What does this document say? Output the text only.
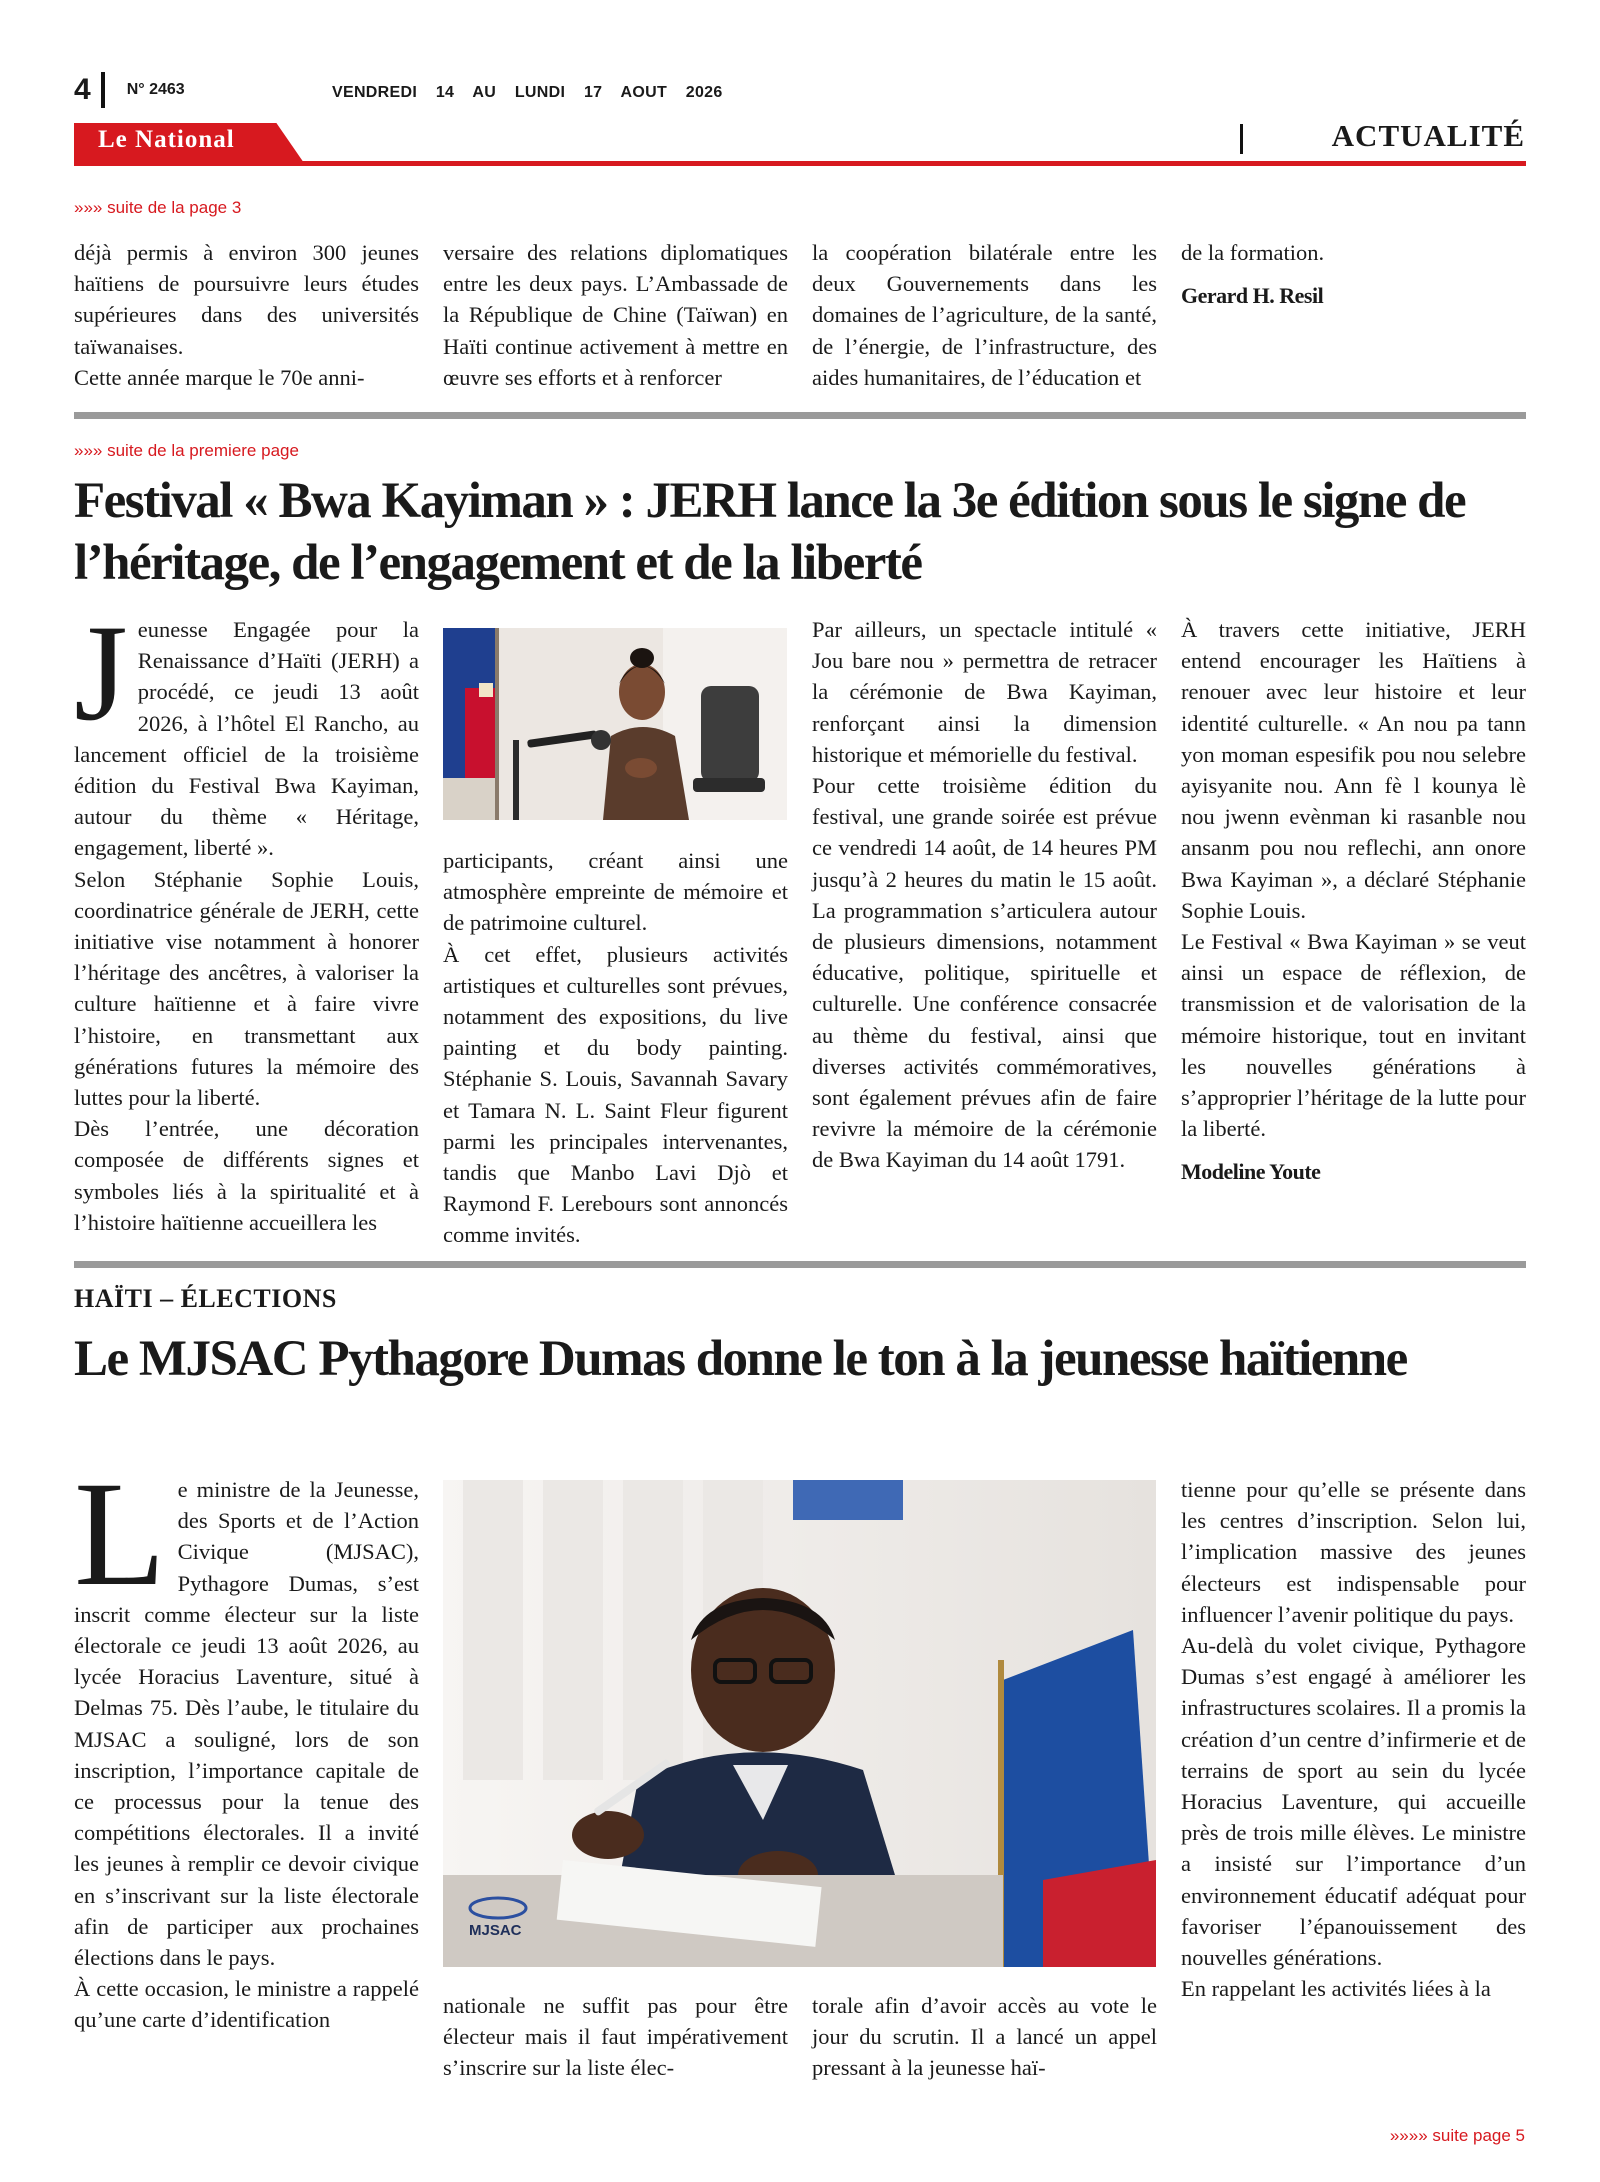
4 N° 2463	VENDREDI 14 AU LUNDI 17 AOUT 2026
Le National	ACTUALITÉ
»»» suite de la page 3
déjà permis à environ 300 jeunes haïtiens de poursuivre leurs études supérieures dans des universités taïwanaises.
Cette année marque le 70e anni-
versaire des relations diplomatiques entre les deux pays. L’Ambassade de la République de Chine (Taïwan) en Haïti continue activement à mettre en œuvre ses efforts et à renforcer
la coopération bilatérale entre les deux Gouvernements dans les domaines de l’agriculture, de la santé, de l’énergie, de l’infrastructure, des aides humanitaires, de l’éducation et

de la formation.

Gerard H. Resil

»»» suite de la premiere page
Festival « Bwa Kayiman » : JERH lance la 3e édition sous le signe de l’héritage, de l’engagement et de la liberté

Jeunesse Engagée pour la Renaissance d’Haïti (JERH) a procédé, ce jeudi 13 août 2026, à l’hôtel El Rancho, au lancement officiel de la troisième édition du Festival Bwa Kayiman, autour du thème « Héritage, engagement, liberté ».

Selon Stéphanie Sophie Louis, coordinatrice générale de JERH, cette initiative vise notamment à honorer l’héritage des ancêtres, à valoriser la culture haïtienne et à faire vivre l’histoire, en transmettant aux générations futures la mémoire des luttes pour la liberté.

Dès l’entrée, une décoration composée de différents signes et symboles liés à la spiritualité et à l’histoire haïtienne accueillera les

participants, créant ainsi une atmosphère empreinte de mémoire et de patrimoine culturel.

À cet effet, plusieurs activités artistiques et culturelles sont prévues, notamment des expositions, du live painting et du body painting. Stéphanie S. Louis, Savannah Savary et Tamara N. L. Saint Fleur figurent parmi les principales intervenantes, tandis que Manbo Lavi Djò et Raymond F. Lerebours sont annoncés comme invités.

Par ailleurs, un spectacle intitulé « Jou bare nou » permettra de retracer la cérémonie de Bwa Kayiman, renforçant ainsi la dimension historique et mémorielle du festival.

Pour cette troisième édition du festival, une grande soirée est prévue ce vendredi 14 août, de 14 heures PM jusqu’à 2 heures du matin le 15 août. La programmation s’articulera autour de plusieurs dimensions, notamment éducative, politique, spirituelle et culturelle. Une conférence consacrée au thème du festival, ainsi que diverses activités commémoratives, sont également prévues afin de faire revivre la mémoire de la cérémonie de Bwa Kayiman du 14 août 1791.

À travers cette initiative, JERH entend encourager les Haïtiens à renouer avec leur histoire et leur identité culturelle. « An nou pa tann yon moman espesifik pou nou selebre ayisyanite nou. Ann fè l kounya lè nou jwenn evènman ki rasanble nou ansanm pou nou reflechi, ann onore Bwa Kayiman », a déclaré Stéphanie Sophie Louis.

Le Festival « Bwa Kayiman » se veut ainsi un espace de réflexion, de transmission et de valorisation de la mémoire historique, tout en invitant les nouvelles générations à s’approprier l’héritage de la lutte pour la liberté.

Modeline Youte

HAÏTI – ÉLECTIONS
Le MJSAC Pythagore Dumas donne le ton à la jeunesse haïtienne

Le ministre de la Jeunesse, des Sports et de l’Action Civique (MJSAC), Pythagore Dumas, s’est inscrit comme électeur sur la liste électorale ce jeudi 13 août 2026, au lycée Horacius Laventure, situé à Delmas 75. Dès l’aube, le titulaire du MJSAC a souligné, lors de son inscription, l’importance capitale de ce processus pour la tenue des compétitions électorales. Il a invité les jeunes à remplir ce devoir civique en s’inscrivant sur la liste électorale afin de participer aux prochaines élections dans le pays.

À cette occasion, le ministre a rappelé qu’une carte d’identification

MJSAC

nationale ne suffit pas pour être électeur mais il faut impérativement s’inscrire sur la liste élec-

torale afin d’avoir accès au vote le jour du scrutin. Il a lancé un appel pressant à la jeunesse haï-

tienne pour qu’elle se présente dans les centres d’inscription. Selon lui, l’implication massive des jeunes électeurs est indispensable pour influencer l’avenir politique du pays.

Au-delà du volet civique, Pythagore Dumas s’est engagé à améliorer les infrastructures scolaires. Il a promis la création d’un centre d’infirmerie et de terrains de sport au sein du lycée Horacius Laventure, qui accueille près de trois mille élèves. Le ministre a insisté sur l’importance d’un environnement éducatif adéquat pour favoriser l’épanouissement des nouvelles générations.

En rappelant les activités liées à la

»»»» suite page 5
